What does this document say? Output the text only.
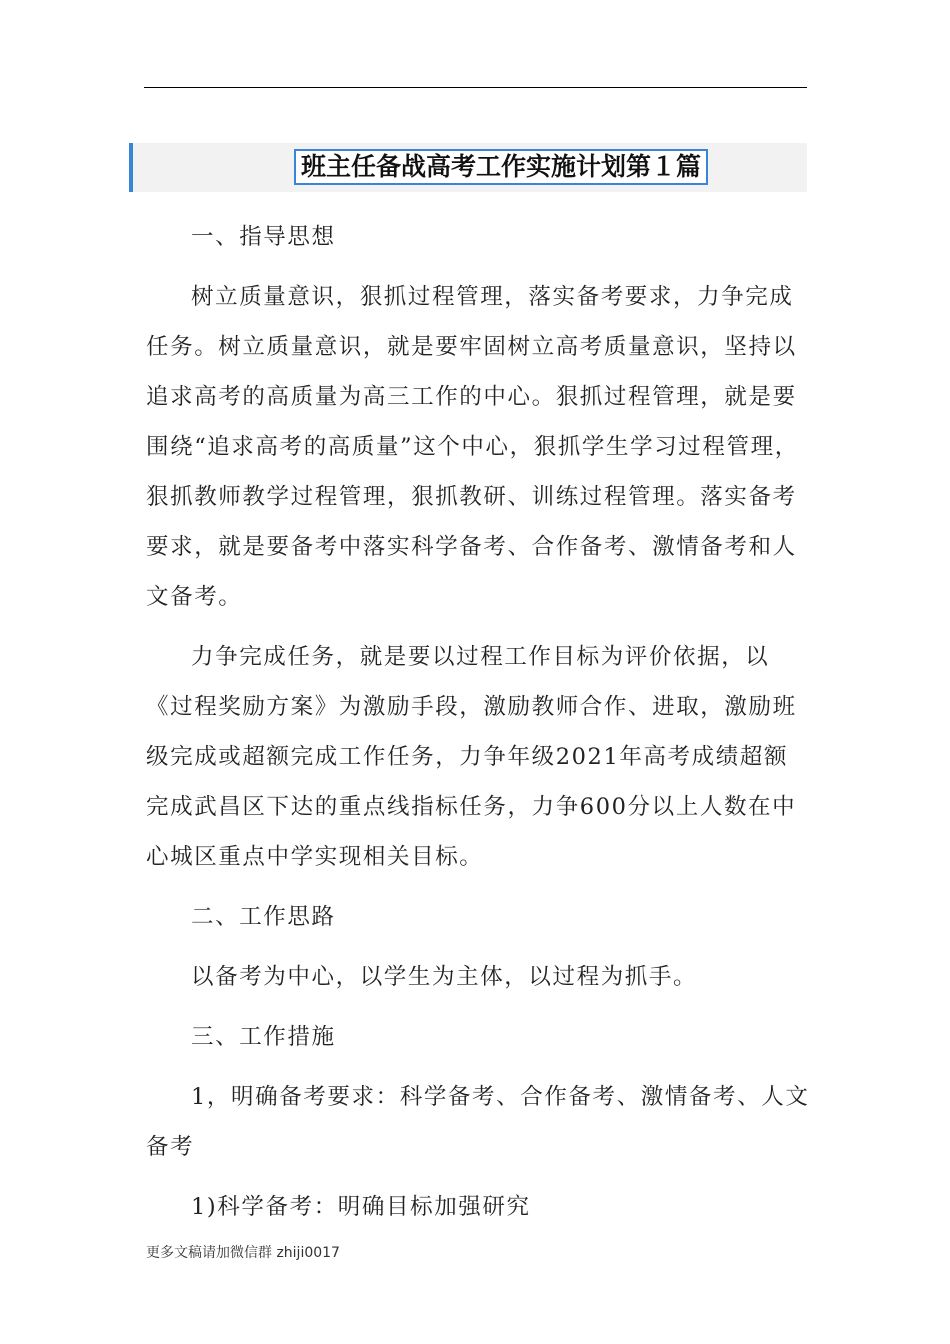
班主任备战高考工作实施计划第１篇

一、指导思想

树立质量意识，狠抓过程管理，落实备考要求，力争完成任务。树立质量意识，就是要牢固树立高考质量意识，坚持以追求高考的高质量为高三工作的中心。狠抓过程管理，就是要围绕“追求高考的高质量”这个中心，狠抓学生学习过程管理，狠抓教师教学过程管理，狠抓教研、训练过程管理。落实备考要求，就是要备考中落实科学备考、合作备考、激情备考和人文备考。

力争完成任务，就是要以过程工作目标为评价依据，以《过程奖励方案》为激励手段，激励教师合作、进取，激励班级完成或超额完成工作任务，力争年级2021年高考成绩超额完成武昌区下达的重点线指标任务，力争600分以上人数在中心城区重点中学实现相关目标。

二、工作思路

以备考为中心，以学生为主体，以过程为抓手。

三、工作措施

1，明确备考要求：科学备考、合作备考、激情备考、人文备考

1)科学备考：明确目标加强研究

更多文稿请加微信群 zhiji0017
